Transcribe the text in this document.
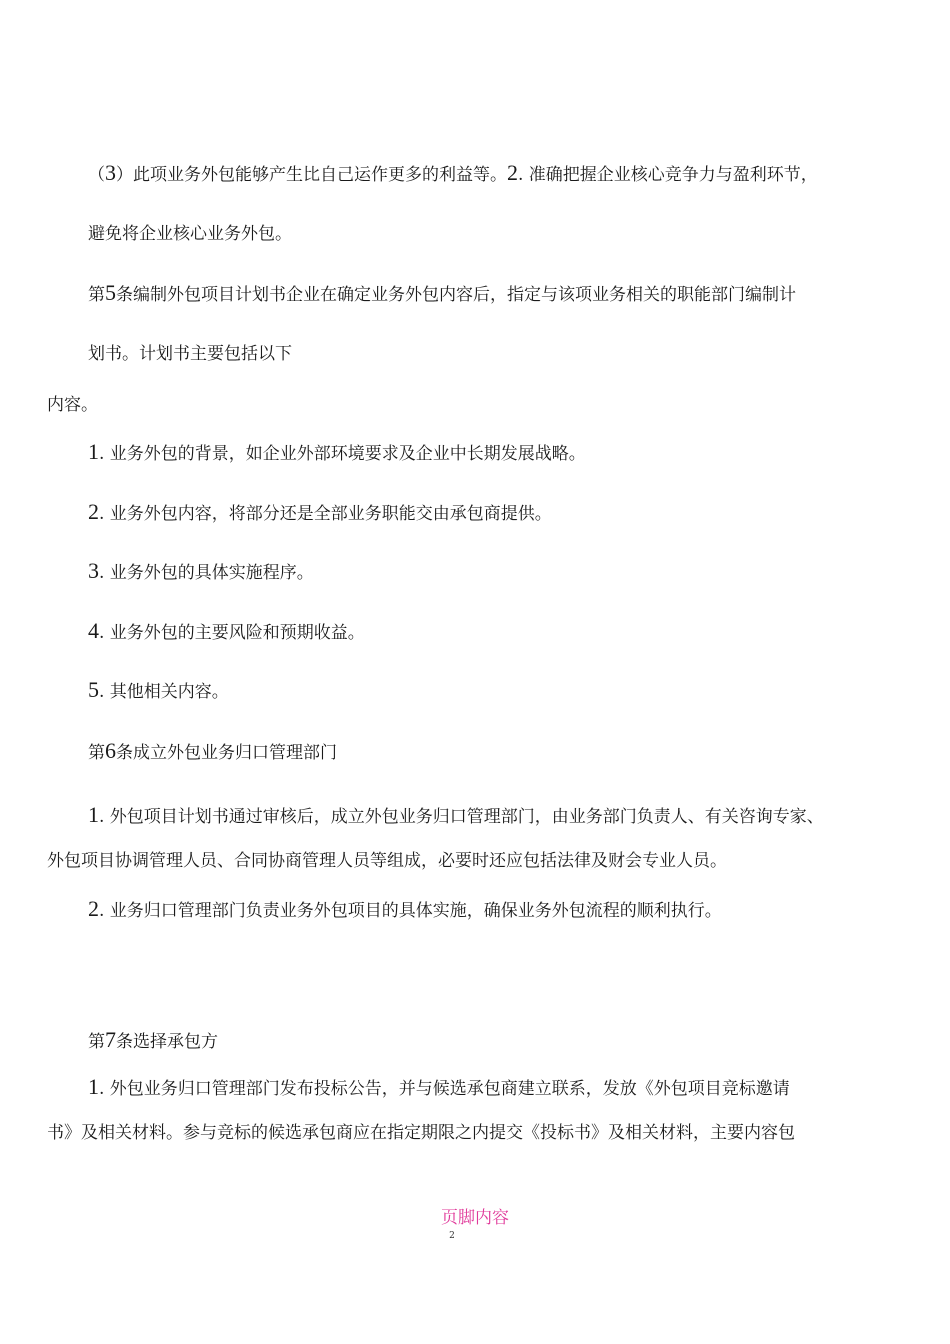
（3）此项业务外包能够产生比自己运作更多的利益等。2. 准确把握企业核心竞争力与盈利环节，
避免将企业核心业务外包。
第5条编制外包项目计划书企业在确定业务外包内容后，指定与该项业务相关的职能部门编制计
划书。计划书主要包括以下
内容。
1. 业务外包的背景，如企业外部环境要求及企业中长期发展战略。
2. 业务外包内容，将部分还是全部业务职能交由承包商提供。
3. 业务外包的具体实施程序。
4. 业务外包的主要风险和预期收益。
5. 其他相关内容。
第6条成立外包业务归口管理部门
1. 外包项目计划书通过审核后，成立外包业务归口管理部门，由业务部门负责人、有关咨询专家、
外包项目协调管理人员、合同协商管理人员等组成，必要时还应包括法律及财会专业人员。
2. 业务归口管理部门负责业务外包项目的具体实施，确保业务外包流程的顺利执行。
第7条选择承包方
1. 外包业务归口管理部门发布投标公告，并与候选承包商建立联系，发放《外包项目竞标邀请
书》及相关材料。参与竞标的候选承包商应在指定期限之内提交《投标书》及相关材料，主要内容包
页脚内容
2
